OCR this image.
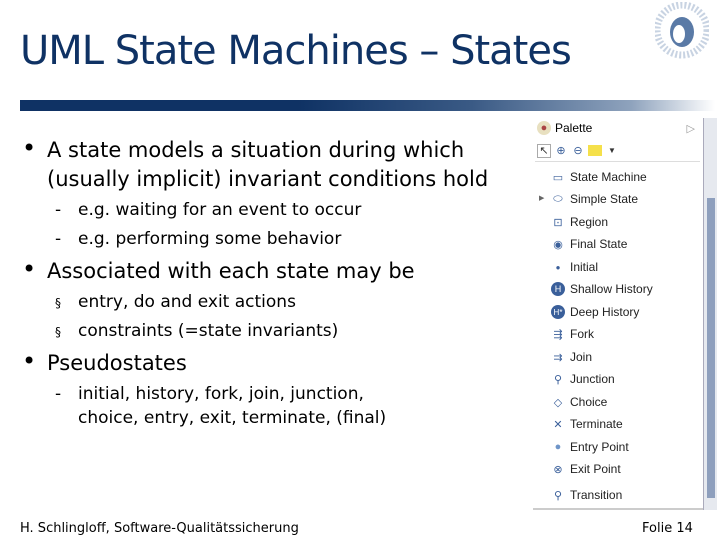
UML State Machines – States
• A state models a situation during which
(usually implicit) invariant conditions hold
- e.g. waiting for an event to occur
- e.g. performing some behavior
• Associated with each state may be
§ entry, do and exit actions
§ constraints (=state invariants)
• Pseudostates
- initial, history, fork, join, junction,
choice, entry, exit, terminate, (final)
● Palette	▷
↖ ⊕ ⊖	▼
▭ State Machine
⬭ Simple State
⊡ Region
◉ Final State
● Initial
H Shallow History
H* Deep History
⇶ Fork
⇉ Join
⚲ Junction
◇ Choice
✕ Terminate
● Entry Point
⊗ Exit Point
⚲ Transition
▶
H. Schlingloff, Software-Qualitätssicherung	Folie 14
